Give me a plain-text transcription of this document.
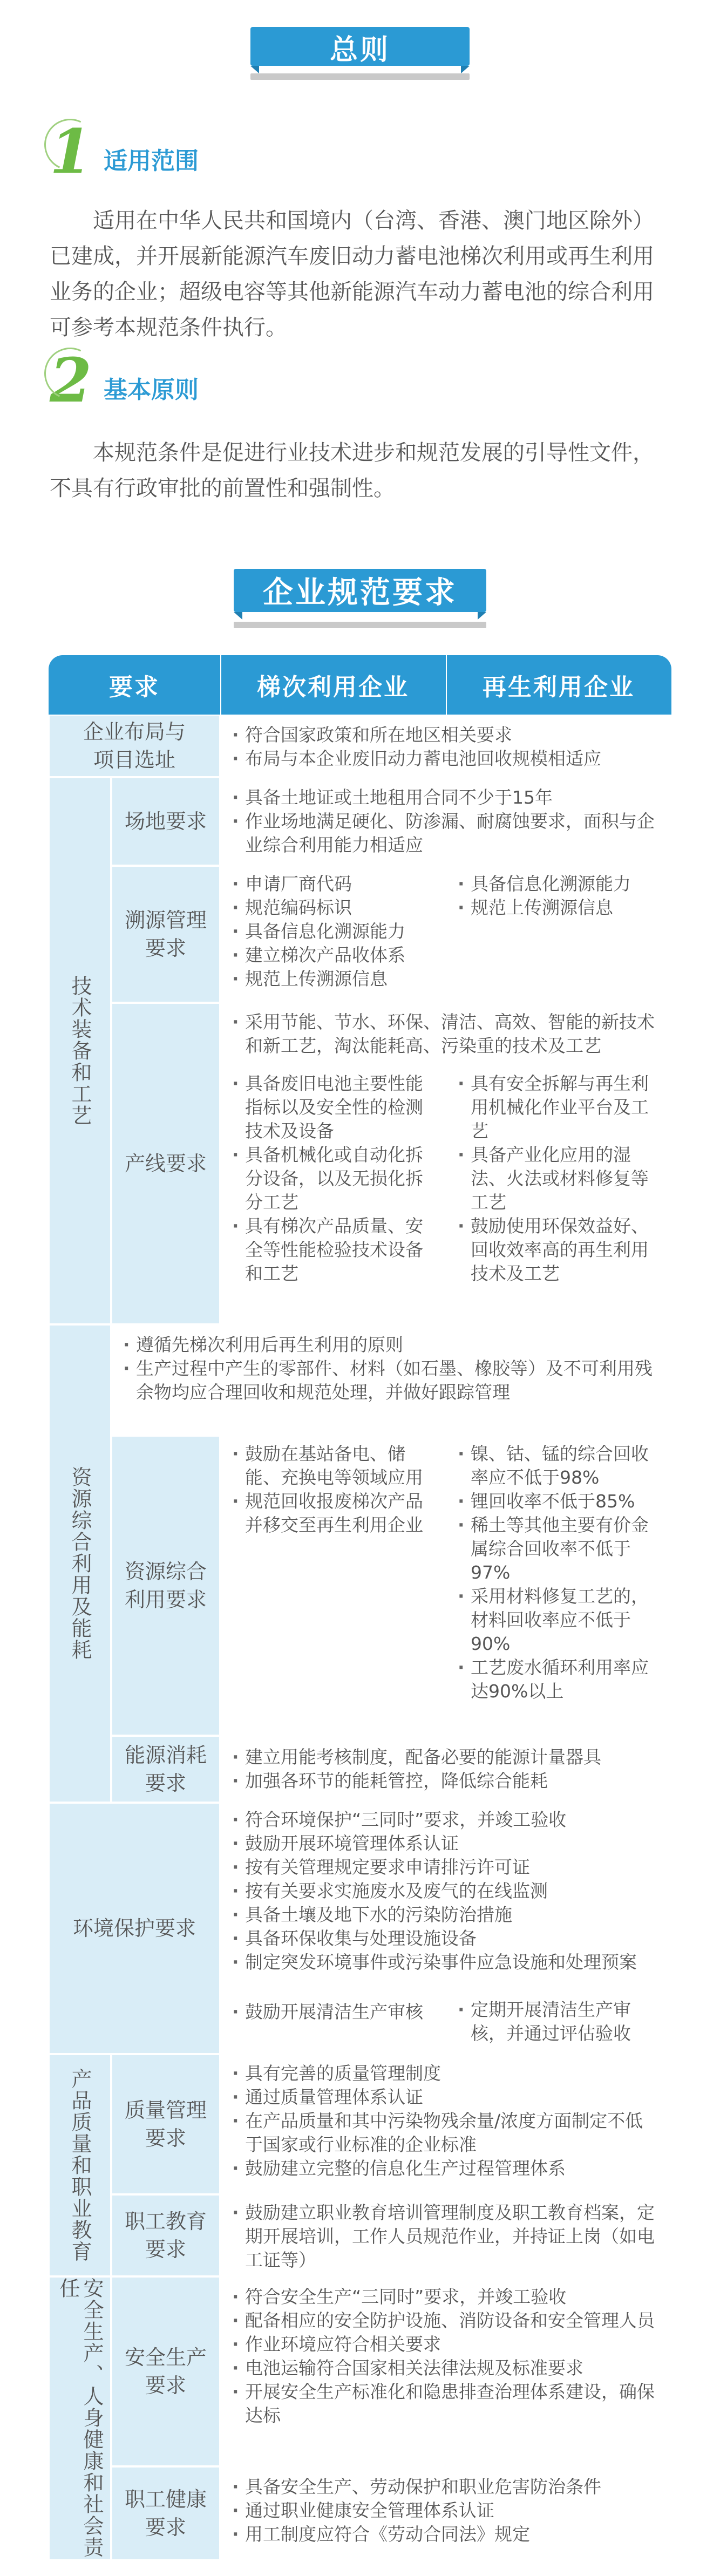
总则
1 适用范围

适用在中华人民共和国境内（台湾、香港、澳门地区除外）已建成，并开展新能源汽车废旧动力蓄电池梯次利用或再生利用业务的企业；超级电容等其他新能源汽车动力蓄电池的综合利用可参考本规范条件执行。

2 基本原则

本规范条件是促进行业技术进步和规范发展的引导性文件，不具有行政审批的前置性和强制性。

企业规范要求
要求	梯次利用企业	再生利用企业
企业布局与
项目选址
· 符合国家政策和所在地区相关要求
· 布局与本企业废旧动力蓄电池回收规模相适应
技术装备和工艺
场地要求
· 具备土地证或土地租用合同不少于15年
· 作业场地满足硬化、防渗漏、耐腐蚀要求，面积与企业综合利用能力相适应
溯源管理
要求
· 申请厂商代码
· 规范编码标识
· 具备信息化溯源能力
· 建立梯次产品收体系
· 规范上传溯源信息
· 具备信息化溯源能力
· 规范上传溯源信息
产线要求
· 采用节能、节水、环保、清洁、高效、智能的新技术和新工艺，淘汰能耗高、污染重的技术及工艺
· 具备废旧电池主要性能指标以及安全性的检测技术及设备
· 具备机械化或自动化拆分设备，以及无损化拆分工艺
· 具有梯次产品质量、安全等性能检验技术设备和工艺
· 具有安全拆解与再生利用机械化作业平台及工艺
· 具备产业化应用的湿法、火法或材料修复等工艺
· 鼓励使用环保效益好、回收效率高的再生利用技术及工艺
资源综合利用及能耗
· 遵循先梯次利用后再生利用的原则
· 生产过程中产生的零部件、材料（如石墨、橡胶等）及不可利用残余物均应合理回收和规范处理，并做好跟踪管理
资源综合
利用要求
· 鼓励在基站备电、储能、充换电等领域应用
· 规范回收报废梯次产品并移交至再生利用企业
· 镍、钴、锰的综合回收率应不低于98%
· 锂回收率不低于85%
· 稀土等其他主要有价金属综合回收率不低于97%
· 采用材料修复工艺的，材料回收率应不低于90%
· 工艺废水循环利用率应达90%以上
能源消耗
要求
· 建立用能考核制度，配备必要的能源计量器具
· 加强各环节的能耗管控，降低综合能耗
环境保护要求
· 符合环境保护“三同时”要求，并竣工验收
· 鼓励开展环境管理体系认证
· 按有关管理规定要求申请排污许可证
· 按有关要求实施废水及废气的在线监测
· 具备土壤及地下水的污染防治措施
· 具备环保收集与处理设施设备
· 制定突发环境事件或污染事件应急设施和处理预案
· 鼓励开展清洁生产审核
·	定期开展清洁生产审核，并通过评估验收
产品质量和职业教育	质量管理
要求
· 具有完善的质量管理制度
· 通过质量管理体系认证
· 在产品质量和其中污染物残余量/浓度方面制定不低于国家或行业标准的企业标准
· 鼓励建立完整的信息化生产过程管理体系
职工教育
要求
· 鼓励建立职业教育培训管理制度及职工教育档案，定期开展培训，工作人员规范作业，并持证上岗（如电工证等）
安全生产、人身健康和社会责任
安全生产
要求
· 符合安全生产“三同时”要求，并竣工验收
· 配备相应的安全防护设施、消防设备和安全管理人员
· 作业环境应符合相关要求
· 电池运输符合国家相关法律法规及标准要求
· 开展安全生产标准化和隐患排查治理体系建设，确保达标
职工健康
要求
· 具备安全生产、劳动保护和职业危害防治条件
· 通过职业健康安全管理体系认证
· 用工制度应符合《劳动合同法》规定
